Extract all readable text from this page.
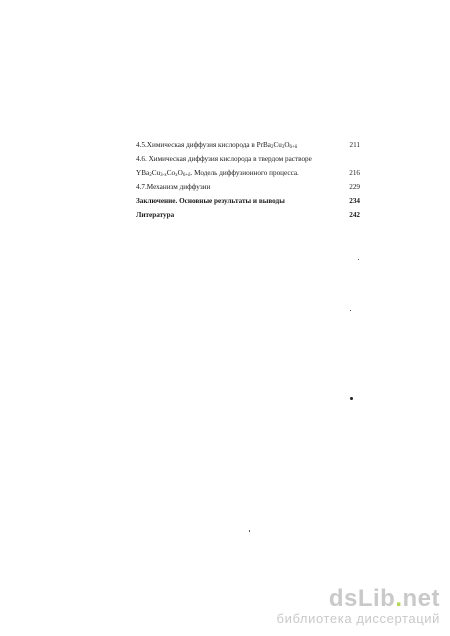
4.5.Химическая диффузия кислорода в $PrBa_2Cu_3O_{6+\delta}$	211
4.6. Химическая диффузия кислорода в твердом растворе
$YBa_2Cu_{3-x}Co_xO_{6+\delta}$. Модель диффузионного процесса.	216
4.7.Механизм диффузии	229
Заключение. Основные результаты и выводы	234
Литература	242
dsLib.net
библиотека диссертаций
